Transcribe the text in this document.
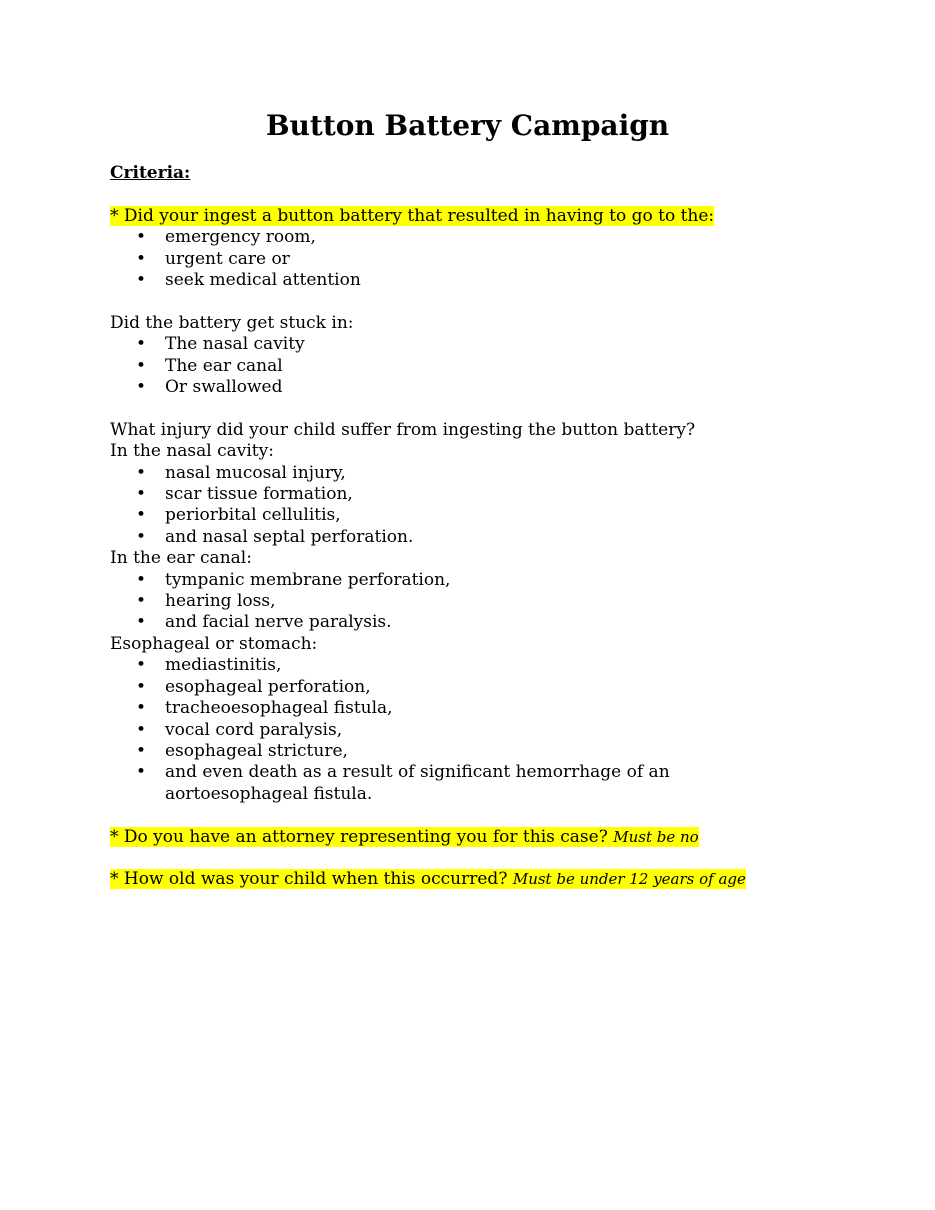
Button Battery Campaign
Criteria:
* Did your ingest a button battery that resulted in having to go to the:
• emergency room,
• urgent care or
• seek medical attention
Did the battery get stuck in:
• The nasal cavity
• The ear canal
• Or swallowed
What injury did your child suffer from ingesting the button battery?
In the nasal cavity:
• nasal mucosal injury,
• scar tissue formation,
• periorbital cellulitis,
• and nasal septal perforation.
In the ear canal:
• tympanic membrane perforation,
• hearing loss,
• and facial nerve paralysis.
Esophageal or stomach:
• mediastinitis,
• esophageal perforation,
• tracheoesophageal fistula,
• vocal cord paralysis,
• esophageal stricture,
• and even death as a result of significant hemorrhage of an aortoesophageal fistula.
* Do you have an attorney representing you for this case? Must be no
* How old was your child when this occurred? Must be under 12 years of age
